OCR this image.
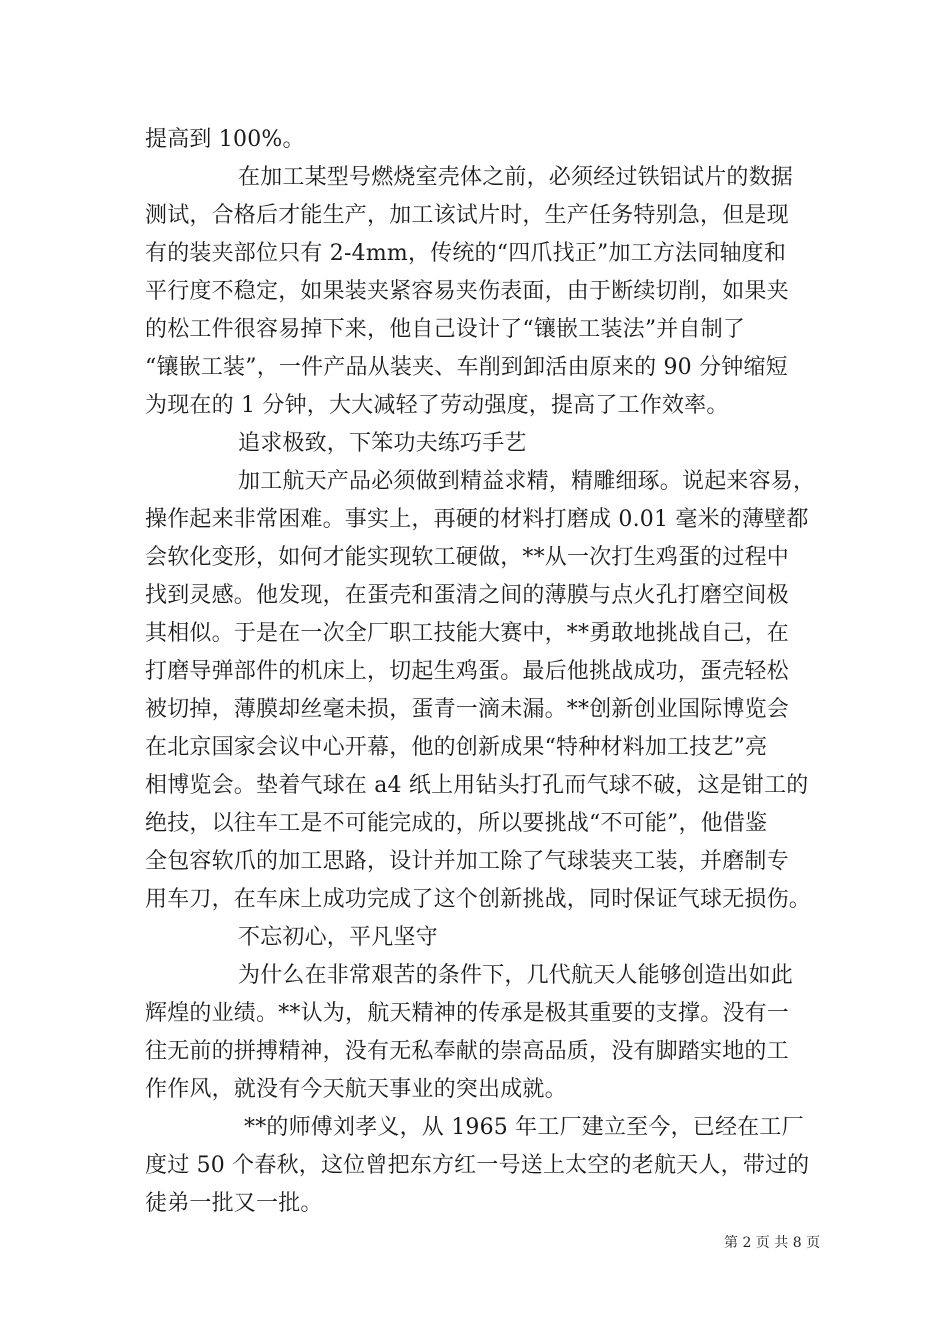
提高到 100%。
在加工某型号燃烧室壳体之前，必须经过铁铝试片的数据
测试，合格后才能生产，加工该试片时，生产任务特别急，但是现
有的装夹部位只有 2-4mm，传统的“四爪找正”加工方法同轴度和
平行度不稳定，如果装夹紧容易夹伤表面，由于断续切削，如果夹
的松工件很容易掉下来，他自己设计了“镶嵌工装法”并自制了
“镶嵌工装”，一件产品从装夹、车削到卸活由原来的 90 分钟缩短
为现在的 1 分钟，大大减轻了劳动强度，提高了工作效率。
追求极致，下笨功夫练巧手艺
加工航天产品必须做到精益求精，精雕细琢。说起来容易，
操作起来非常困难。事实上，再硬的材料打磨成 0.01 毫米的薄壁都
会软化变形，如何才能实现软工硬做，**从一次打生鸡蛋的过程中
找到灵感。他发现，在蛋壳和蛋清之间的薄膜与点火孔打磨空间极
其相似。于是在一次全厂职工技能大赛中，**勇敢地挑战自己，在
打磨导弹部件的机床上，切起生鸡蛋。最后他挑战成功，蛋壳轻松
被切掉，薄膜却丝毫未损，蛋青一滴未漏。**创新创业国际博览会
在北京国家会议中心开幕，他的创新成果“特种材料加工技艺”亮
相博览会。垫着气球在 a4 纸上用钻头打孔而气球不破，这是钳工的
绝技，以往车工是不可能完成的，所以要挑战“不可能”，他借鉴
全包容软爪的加工思路，设计并加工除了气球装夹工装，并磨制专
用车刀，在车床上成功完成了这个创新挑战，同时保证气球无损伤。
不忘初心，平凡坚守
为什么在非常艰苦的条件下，几代航天人能够创造出如此
辉煌的业绩。**认为，航天精神的传承是极其重要的支撑。没有一
往无前的拼搏精神，没有无私奉献的崇高品质，没有脚踏实地的工
作作风，就没有今天航天事业的突出成就。
**的师傅刘孝义，从 1965 年工厂建立至今，已经在工厂
度过 50 个春秋，这位曾把东方红一号送上太空的老航天人，带过的
徒弟一批又一批。
第 2 页 共 8 页
